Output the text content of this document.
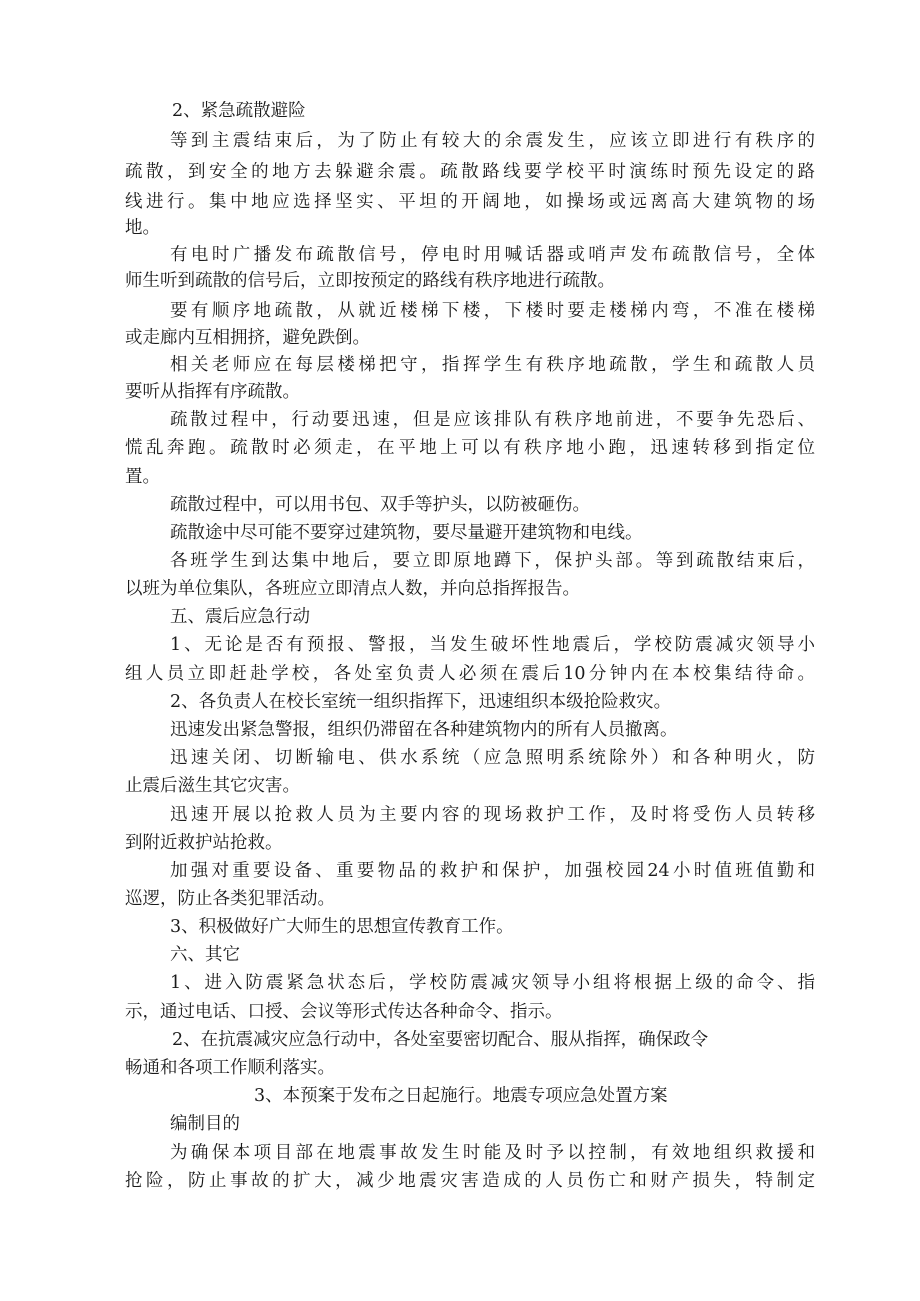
2、紧急疏散避险
等到主震结束后，为了防止有较大的余震发生，应该立即进行有秩序的
疏散，到安全的地方去躲避余震。疏散路线要学校平时演练时预先设定的路
线进行。集中地应选择坚实、平坦的开阔地，如操场或远离高大建筑物的场
地。
有电时广播发布疏散信号，停电时用喊话器或哨声发布疏散信号，全体
师生听到疏散的信号后，立即按预定的路线有秩序地进行疏散。
要有顺序地疏散，从就近楼梯下楼，下楼时要走楼梯内弯，不准在楼梯
或走廊内互相拥挤，避免跌倒。
相关老师应在每层楼梯把守，指挥学生有秩序地疏散，学生和疏散人员
要听从指挥有序疏散。
疏散过程中，行动要迅速，但是应该排队有秩序地前进，不要争先恐后、
慌乱奔跑。疏散时必须走，在平地上可以有秩序地小跑，迅速转移到指定位
置。
疏散过程中，可以用书包、双手等护头，以防被砸伤。
疏散途中尽可能不要穿过建筑物，要尽量避开建筑物和电线。
各班学生到达集中地后，要立即原地蹲下，保护头部。等到疏散结束后，
以班为单位集队，各班应立即清点人数，并向总指挥报告。
五、震后应急行动
1、无论是否有预报、警报，当发生破坏性地震后，学校防震减灾领导小
组人员立即赶赴学校，各处室负责人必须在震后10分钟内在本校集结待命。
2、各负责人在校长室统一组织指挥下，迅速组织本级抢险救灾。
迅速发出紧急警报，组织仍滞留在各种建筑物内的所有人员撤离。
迅速关闭、切断输电、供水系统（应急照明系统除外）和各种明火，防
止震后滋生其它灾害。
迅速开展以抢救人员为主要内容的现场救护工作，及时将受伤人员转移
到附近救护站抢救。
加强对重要设备、重要物品的救护和保护，加强校园24小时值班值勤和
巡逻，防止各类犯罪活动。
3、积极做好广大师生的思想宣传教育工作。
六、其它
1、进入防震紧急状态后，学校防震减灾领导小组将根据上级的命令、指
示，通过电话、口授、会议等形式传达各种命令、指示。
2、在抗震减灾应急行动中，各处室要密切配合、服从指挥，确保政令
畅通和各项工作顺利落实。
3、本预案于发布之日起施行。地震专项应急处置方案
编制目的
为确保本项目部在地震事故发生时能及时予以控制，有效地组织救援和
抢险，防止事故的扩大，减少地震灾害造成的人员伤亡和财产损失，特制定
